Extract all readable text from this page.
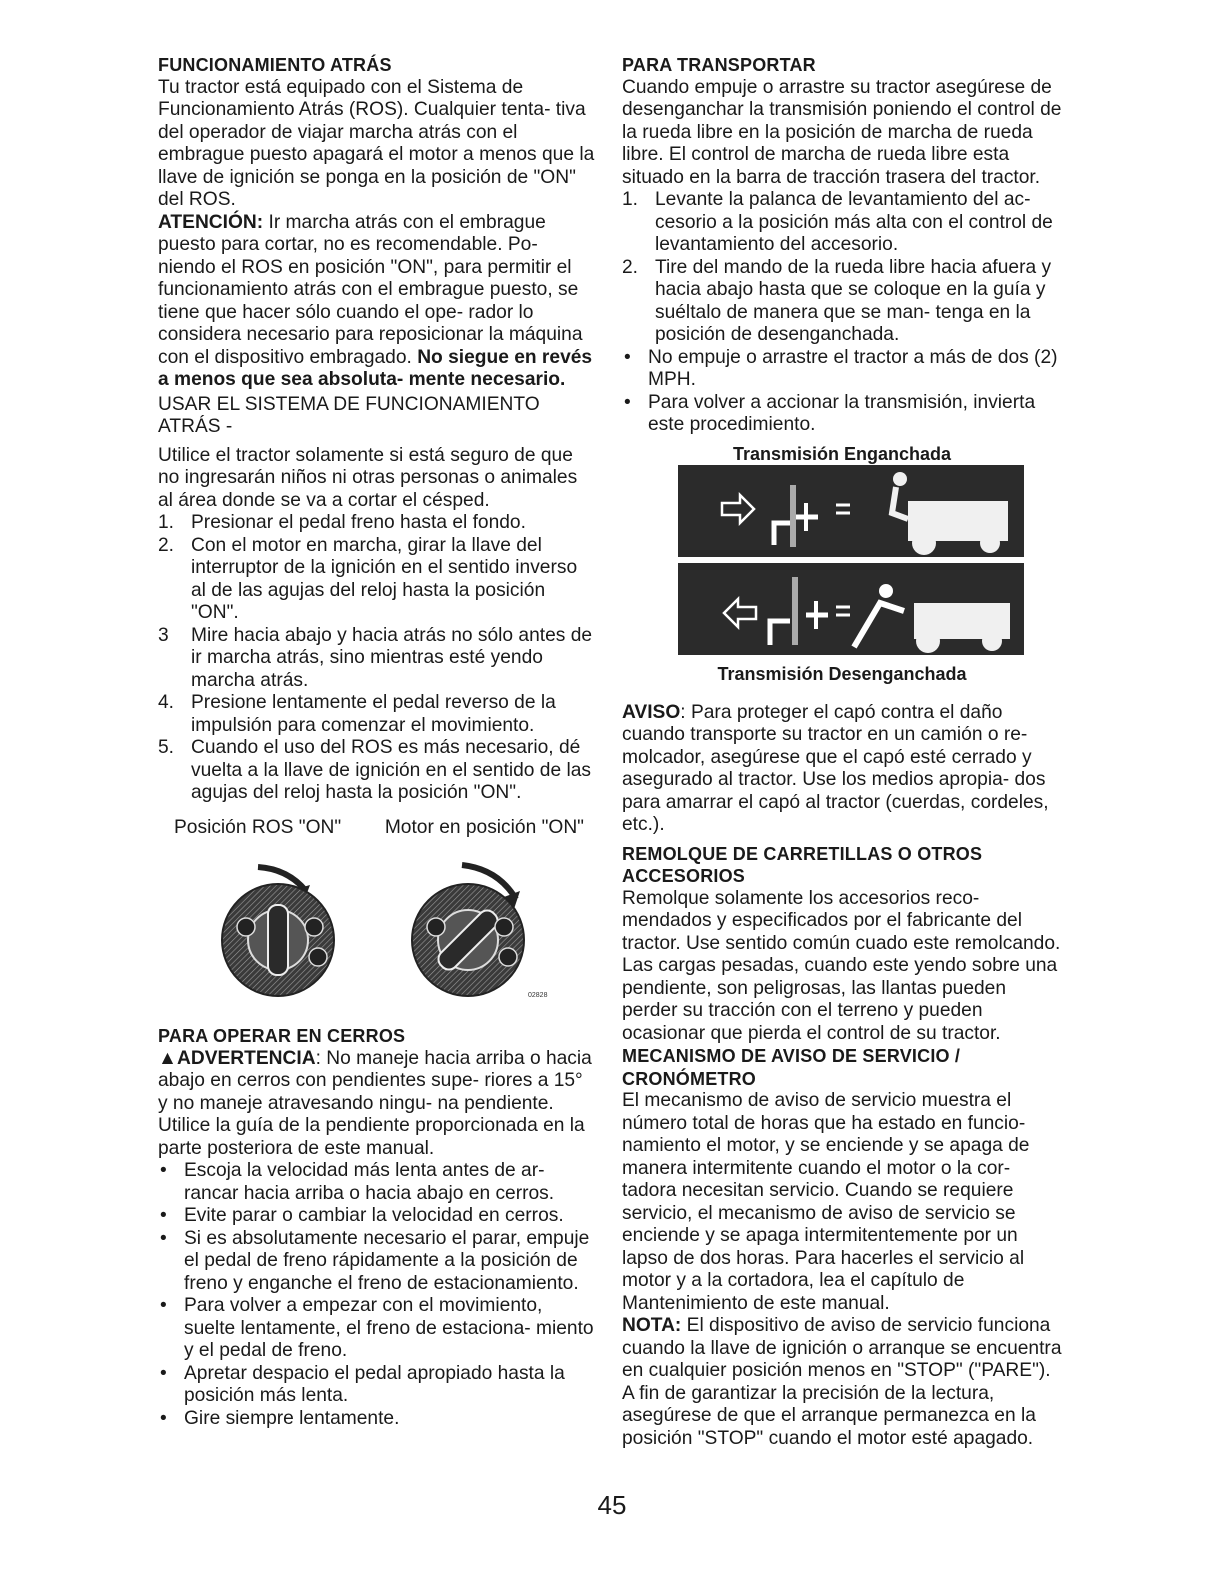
FUNCIONAMIENTO ATRÁS

Tu tractor está equipado con el Sistema de Funcionamiento Atrás (ROS). Cualquier tenta- tiva del operador de viajar marcha atrás con el embrague puesto apagará el motor a menos que la llave de ignición se ponga en la posición de "ON" del ROS.

ATENCIÓN: Ir marcha atrás con el embrague puesto para cortar, no es recomendable. Po- niendo el ROS en posición "ON", para permitir el funcionamiento atrás con el embrague puesto, se tiene que hacer sólo cuando el ope- rador lo considera necesario para reposicionar la máquina con el dispositivo embragado. No siegue en revés a menos que sea absoluta- mente necesario.

USAR EL SISTEMA DE FUNCIONAMIENTO ATRÁS -

Utilice el tractor solamente si está seguro de que no ingresarán niños ni otras personas o animales al área donde se va a cortar el césped.

1. Presionar el pedal freno hasta el fondo.
2. Con el motor en marcha, girar la llave del interruptor de la ignición en el sentido inverso al de las agujas del reloj hasta la posición "ON".
3	Mire hacia abajo y hacia atrás no sólo antes de ir marcha atrás, sino mientras esté yendo marcha atrás.
4. Presione lentamente el pedal reverso de la impulsión para comenzar el movimiento.
5. Cuando el uso del ROS es más necesario, dé vuelta a la llave de ignición en el sentido de las agujas del reloj hasta la posición "ON".
Posición ROS "ON" Motor en posición "ON"
02828

PARA OPERAR EN CERROS

▲ADVERTENCIA: No maneje hacia arriba o hacia abajo en cerros con pendientes supe- riores a 15° y no maneje atravesando ningu- na pendiente. Utilice la guía de la pendiente proporcionada en la parte posteriora de este manual.

• Escoja la velocidad más lenta antes de ar- rancar hacia arriba o hacia abajo en cerros.
• Evite parar o cambiar la velocidad en cerros.
• Si es absolutamente necesario el parar, empuje el pedal de freno rápidamente a la posición de freno y enganche el freno de estacionamiento.
• Para volver a empezar con el movimiento, suelte lentamente, el freno de estaciona- miento y el pedal de freno.
• Apretar despacio el pedal apropiado hasta la posición más lenta.
• Gire siempre lentamente.

PARA TRANSPORTAR

Cuando empuje o arrastre su tractor asegúrese de desenganchar la transmisión poniendo el control de la rueda libre en la posición de marcha de rueda libre. El control de marcha de rueda libre esta situado en la barra de tracción trasera del tractor.

1. Levante la palanca de levantamiento del ac- cesorio a la posición más alta con el control de levantamiento del accesorio.
2. Tire del mando de la rueda libre hacia afuera y hacia abajo hasta que se coloque en la guía y suéltalo de manera que se man- tenga en la posición de desenganchada.
• No empuje o arrastre el tractor a más de dos (2) MPH.
• Para volver a accionar la transmisión, invierta este procedimiento.

Transmisión Enganchada

Transmisión Desenganchada

AVISO: Para proteger el capó contra el daño cuando transporte su tractor en un camión o re- molcador, asegúrese que el capó esté cerrado y asegurado al tractor. Use los medios apropia- dos para amarrar el capó al tractor (cuerdas, cordeles, etc.).

REMOLQUE DE CARRETILLAS O OTROS ACCESORIOS

Remolque solamente los accesorios reco- mendados y especificados por el fabricante del tractor. Use sentido común cuado este remolcando. Las cargas pesadas, cuando este yendo sobre una pendiente, son peligrosas, las llantas pueden perder su tracción con el terreno y pueden ocasionar que pierda el control de su tractor.

MECANISMO DE AVISO DE SERVICIO / CRONÓMETRO

El mecanismo de aviso de servicio muestra el número total de horas que ha estado en funcio- namiento el motor, y se enciende y se apaga de manera intermitente cuando el motor o la cor- tadora necesitan servicio. Cuando se requiere servicio, el mecanismo de aviso de servicio se enciende y se apaga intermitentemente por un lapso de dos horas. Para hacerles el servicio al motor y a la cortadora, lea el capítulo de Mantenimiento de este manual.

NOTA: El dispositivo de aviso de servicio funciona cuando la llave de ignición o arranque se encuentra en cualquier posición menos en "STOP" ("PARE"). A fin de garantizar la precisión de la lectura, asegúrese de que el arranque permanezca en la posición "STOP" cuando el motor esté apagado.

45
